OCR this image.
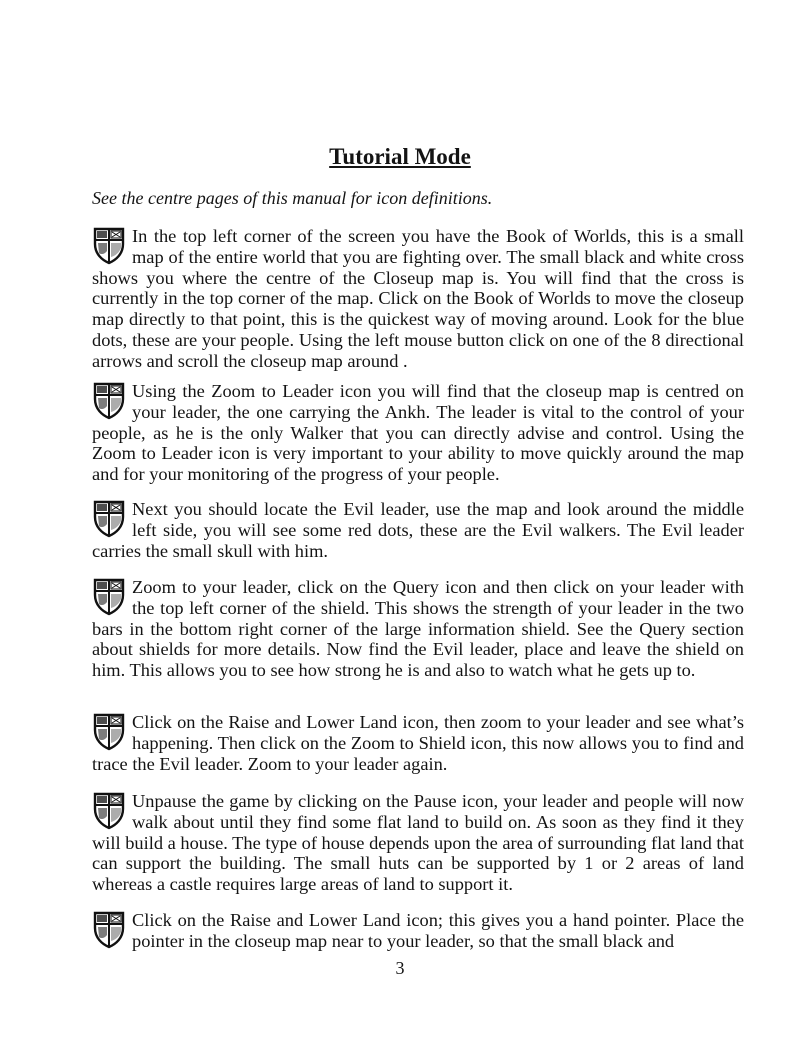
Tutorial Mode

See the centre pages of this manual for icon definitions.

In the top left corner of the screen you have the Book of Worlds, this is a small map of the entire world that you are fighting over. The small black and white cross shows you where the centre of the Closeup map is. You will find that the cross is currently in the top corner of the map. Click on the Book of Worlds to move the closeup map directly to that point, this is the quickest way of moving around. Look for the blue dots, these are your people. Using the left mouse button click on one of the 8 directional arrows and scroll the closeup map around .

Using the Zoom to Leader icon you will find that the closeup map is centred on your leader, the one carrying the Ankh. The leader is vital to the control of your people, as he is the only Walker that you can directly advise and control. Using the Zoom to Leader icon is very important to your ability to move quickly around the map and for your monitoring of the progress of your people.

Next you should locate the Evil leader, use the map and look around the middle left side, you will see some red dots, these are the Evil walkers. The Evil leader carries the small skull with him.

Zoom to your leader, click on the Query icon and then click on your leader with the top left corner of the shield. This shows the strength of your leader in the two bars in the bottom right corner of the large information shield. See the Query section about shields for more details. Now find the Evil leader, place and leave the shield on him. This allows you to see how strong he is and also to watch what he gets up to.

Click on the Raise and Lower Land icon, then zoom to your leader and see what’s happening. Then click on the Zoom to Shield icon, this now allows you to find and trace the Evil leader. Zoom to your leader again.

Unpause the game by clicking on the Pause icon, your leader and people will now walk about until they find some flat land to build on. As soon as they find it they will build a house. The type of house depends upon the area of surrounding flat land that can support the building. The small huts can be supported by 1 or 2 areas of land whereas a castle requires large areas of land to support it.

Click on the Raise and Lower Land icon; this gives you a hand pointer. Place the pointer in the closeup map near to your leader, so that the small black and

3
